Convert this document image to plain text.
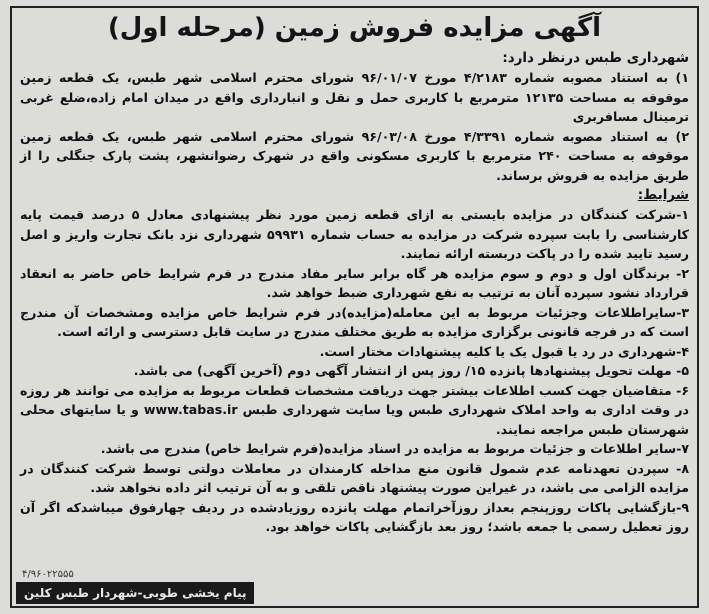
آگهی مزایده فروش زمین (مرحله اول)

شهرداری طبس درنظر دارد:

۱) به استناد مصوبه شماره ۴/۲۱۸۳ مورخ ۹۶/۰۱/۰۷ شورای محترم اسلامی شهر طبس، یک قطعه زمین موقوفه به مساحت ۱۲۱۳۵ مترمربع با کاربری حمل و نقل و انبارداری واقع در میدان امام زاده،ضلع غربی ترمینال مسافربری

۲) به استناد مصوبه شماره ۴/۳۳۹۱ مورخ ۹۶/۰۳/۰۸ شورای محترم اسلامی شهر طبس، یک قطعه زمین موقوفه به مساحت ۲۴۰ مترمربع با کاربری مسکونی واقع در شهرک رضوانشهر، پشت پارک جنگلی را از طریق مزایده به فروش برساند.

شرایط:

۱-شرکت کنندگان در مزایده بایستی به ازای قطعه زمین مورد نظر پیشنهادی معادل ۵ درصد قیمت پایه کارشناسی را بابت سپرده شرکت در مزایده به حساب شماره ۵۹۹۳۱ شهرداری نزد بانک تجارت واریز و اصل رسید تایید شده را در پاکت دربسته ارائه نمایند.

۲- برندگان اول و دوم و سوم مزایده هر گاه برابر سایر مفاد مندرج در فرم شرایط خاص حاضر به انعقاد قرارداد نشود سپرده آنان به ترتیب به نفع شهرداری ضبط خواهد شد.

۳-سایراطلاعات وجزئیات مربوط به این معامله(مزایده)در فرم شرایط خاص مزایده ومشخصات آن مندرج است که در فرجه قانونی برگزاری مزایده به طریق مختلف مندرج در سایت قابل دسترسی و ارائه است.

۴-شهرداری در رد یا قبول یک یا کلیه پیشنهادات مختار است.

۵- مهلت تحویل پیشنهادها پانزده ۱۵/ روز پس از انتشار آگهی دوم (آخرین آگهی) می باشد.

۶- متقاضیان جهت کسب اطلاعات بیشتر جهت دریافت مشخصات قطعات مربوط به مزایده می توانند هر روزه در وقت اداری به واحد املاک شهرداری طبس ویا سایت شهرداری طبس www.tabas.ir و یا سایتهای محلی شهرستان طبس مراجعه نمایند.

۷-سایر اطلاعات و جزئیات مربوط به مزایده در اسناد مزایده(فرم شرایط خاص) مندرج می باشد.

۸- سپردن تعهدنامه عدم شمول قانون منع مداخله کارمندان در معاملات دولتی توسط شرکت کنندگان در مزایده الزامی می باشد، در غیراین صورت پیشنهاد ناقص تلقی و به آن ترتیب اثر داده نخواهد شد.

۹-بازگشایی پاکات روزپنجم بعداز روزآخراتمام مهلت پانزده روزیادشده در ردیف چهارفوق میباشدکه اگر آن روز تعطیل رسمی یا جمعه باشد؛ روز بعد بازگشایی پاکات خواهد بود.

۴/۹۶۰۲۲۵۵۵
پیام یخشی طوبی-شهردار طبس کلین
